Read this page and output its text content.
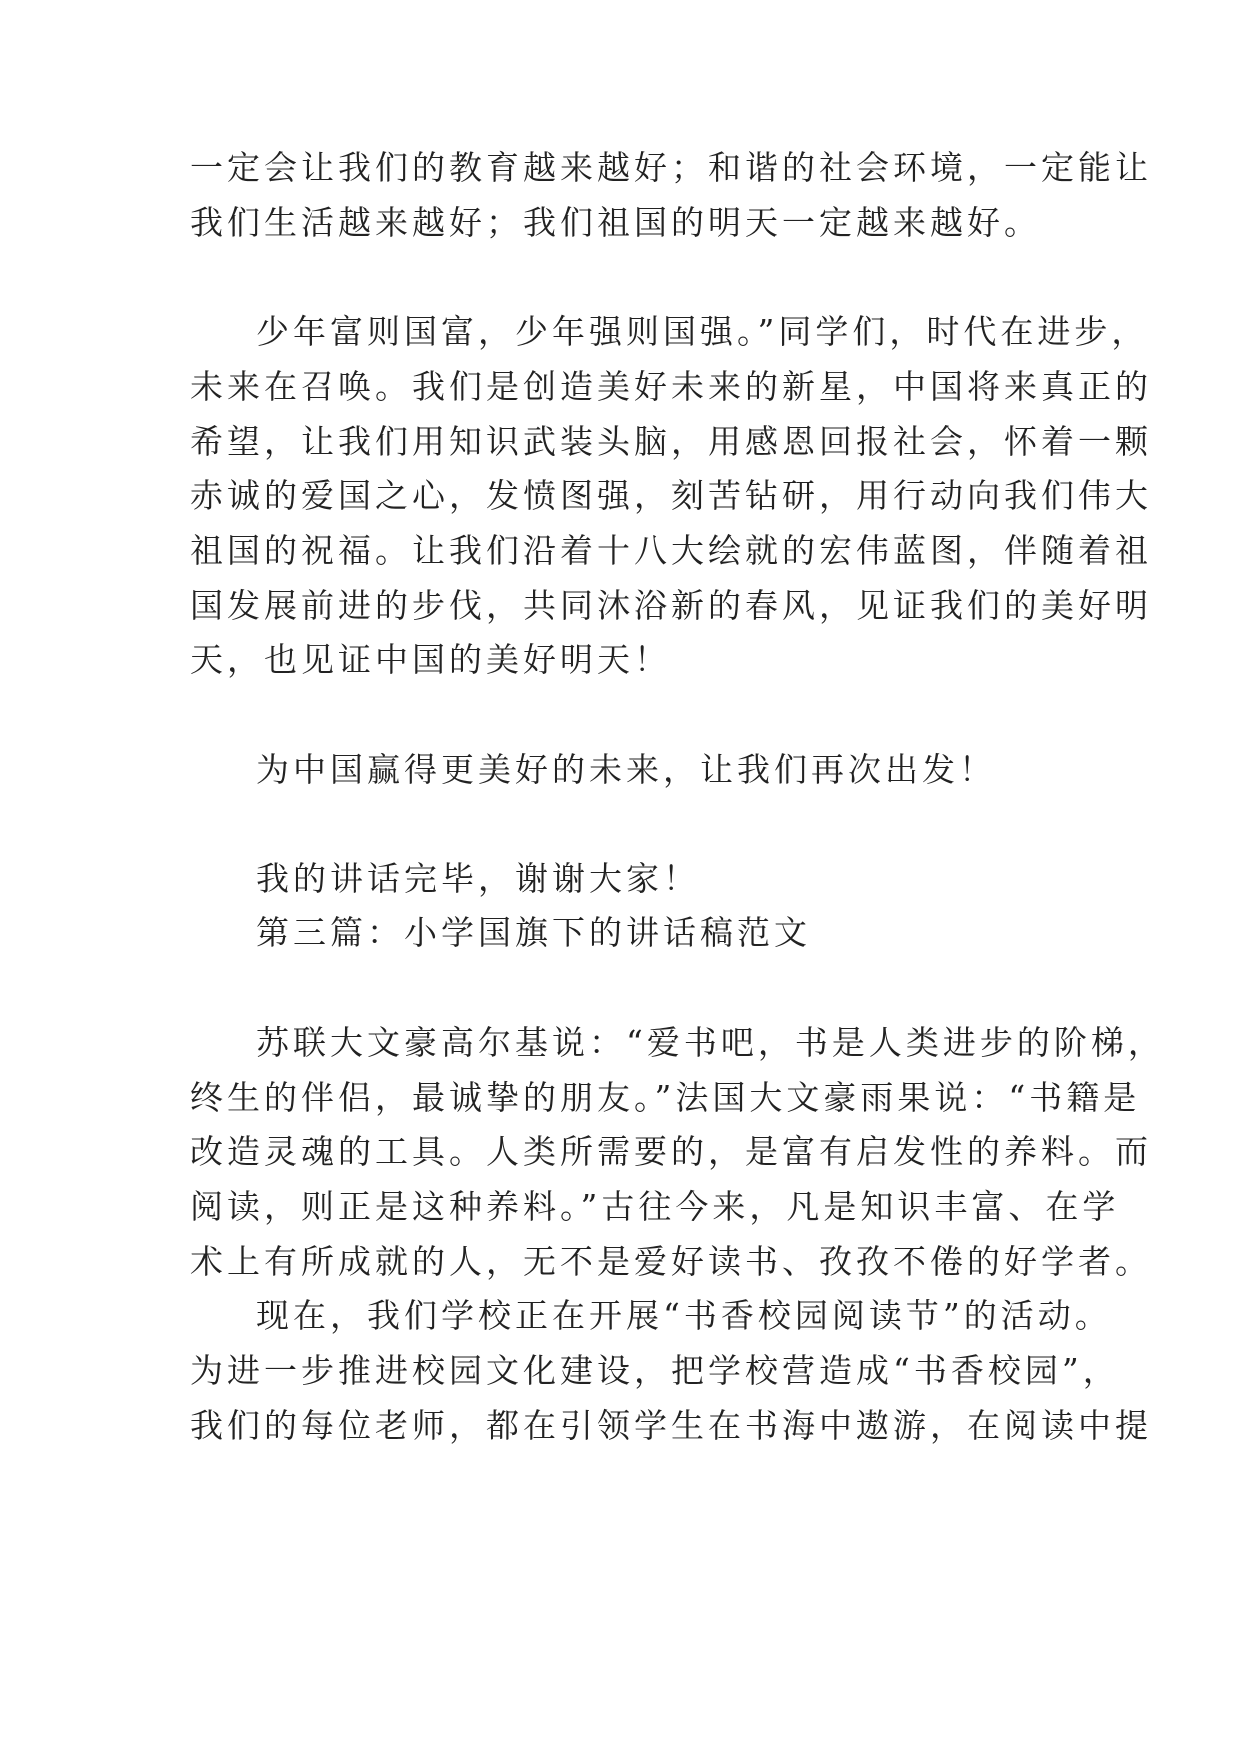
一定会让我们的教育越来越好；和谐的社会环境，一定能让
我们生活越来越好；我们祖国的明天一定越来越好。
少年富则国富，少年强则国强。”同学们，时代在进步，
未来在召唤。我们是创造美好未来的新星，中国将来真正的
希望，让我们用知识武装头脑，用感恩回报社会，怀着一颗
赤诚的爱国之心，发愤图强，刻苦钻研，用行动向我们伟大
祖国的祝福。让我们沿着十八大绘就的宏伟蓝图，伴随着祖
国发展前进的步伐，共同沐浴新的春风，见证我们的美好明
天，也见证中国的美好明天！
为中国赢得更美好的未来，让我们再次出发！
我的讲话完毕，谢谢大家！
第三篇：小学国旗下的讲话稿范文
苏联大文豪高尔基说：“爱书吧，书是人类进步的阶梯，
终生的伴侣，最诚挚的朋友。”法国大文豪雨果说：“书籍是
改造灵魂的工具。人类所需要的，是富有启发性的养料。而
阅读，则正是这种养料。”古往今来，凡是知识丰富、在学
术上有所成就的人，无不是爱好读书、孜孜不倦的好学者。
现在，我们学校正在开展“书香校园阅读节”的活动。
为进一步推进校园文化建设，把学校营造成“书香校园”，
我们的每位老师，都在引领学生在书海中遨游，在阅读中提
